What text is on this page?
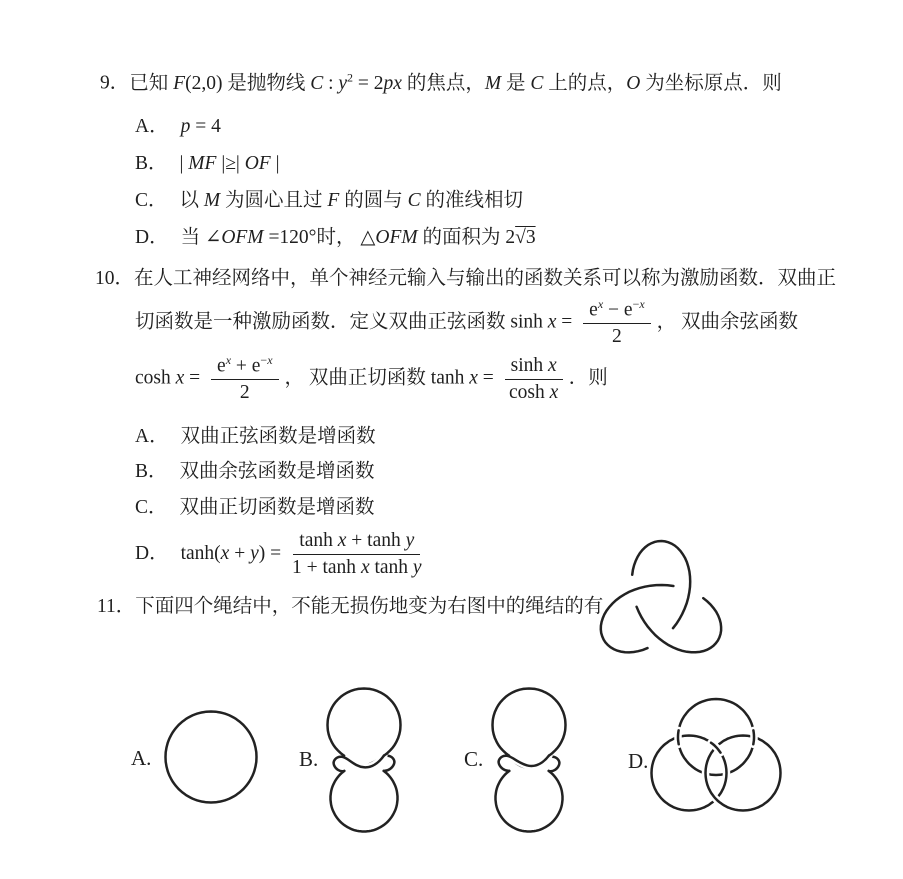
9．已知 F(2,0) 是抛物线 C : $y^2 = 2px$ 的焦点，M 是 C 上的点，O 为坐标原点．则
A． p = 4
B． | MF |≥| OF |
C． 以 M 为圆心且过 F 的圆与 C 的准线相切
D． 当 ∠OFM =120°时， △OFM 的面积为 2√3
10．在人工神经网络中，单个神经元输入与输出的函数关系可以称为激励函数．双曲正
切函数是一种激励函数．定义双曲正弦函数 $\sinh x = \frac{e^x - e^{-x}}{2}$ ， 双曲余弦函数
$\cosh x = \frac{e^x + e^{-x}}{2}$ ， 双曲正切函数 $\tanh x = \frac{\text{sinh x}}{\text{cosh x}}$ ．则
A． 双曲正弦函数是增函数
B． 双曲余弦函数是增函数
C． 双曲正切函数是增函数
D． $\tanh(x + y) = \frac{\text{tanh x + tanh y}}{\text{1 + tanh x tanh y}}$
11．下面四个绳结中，不能无损伤地变为右图中的绳结的有
A.	B.	C.	D.
